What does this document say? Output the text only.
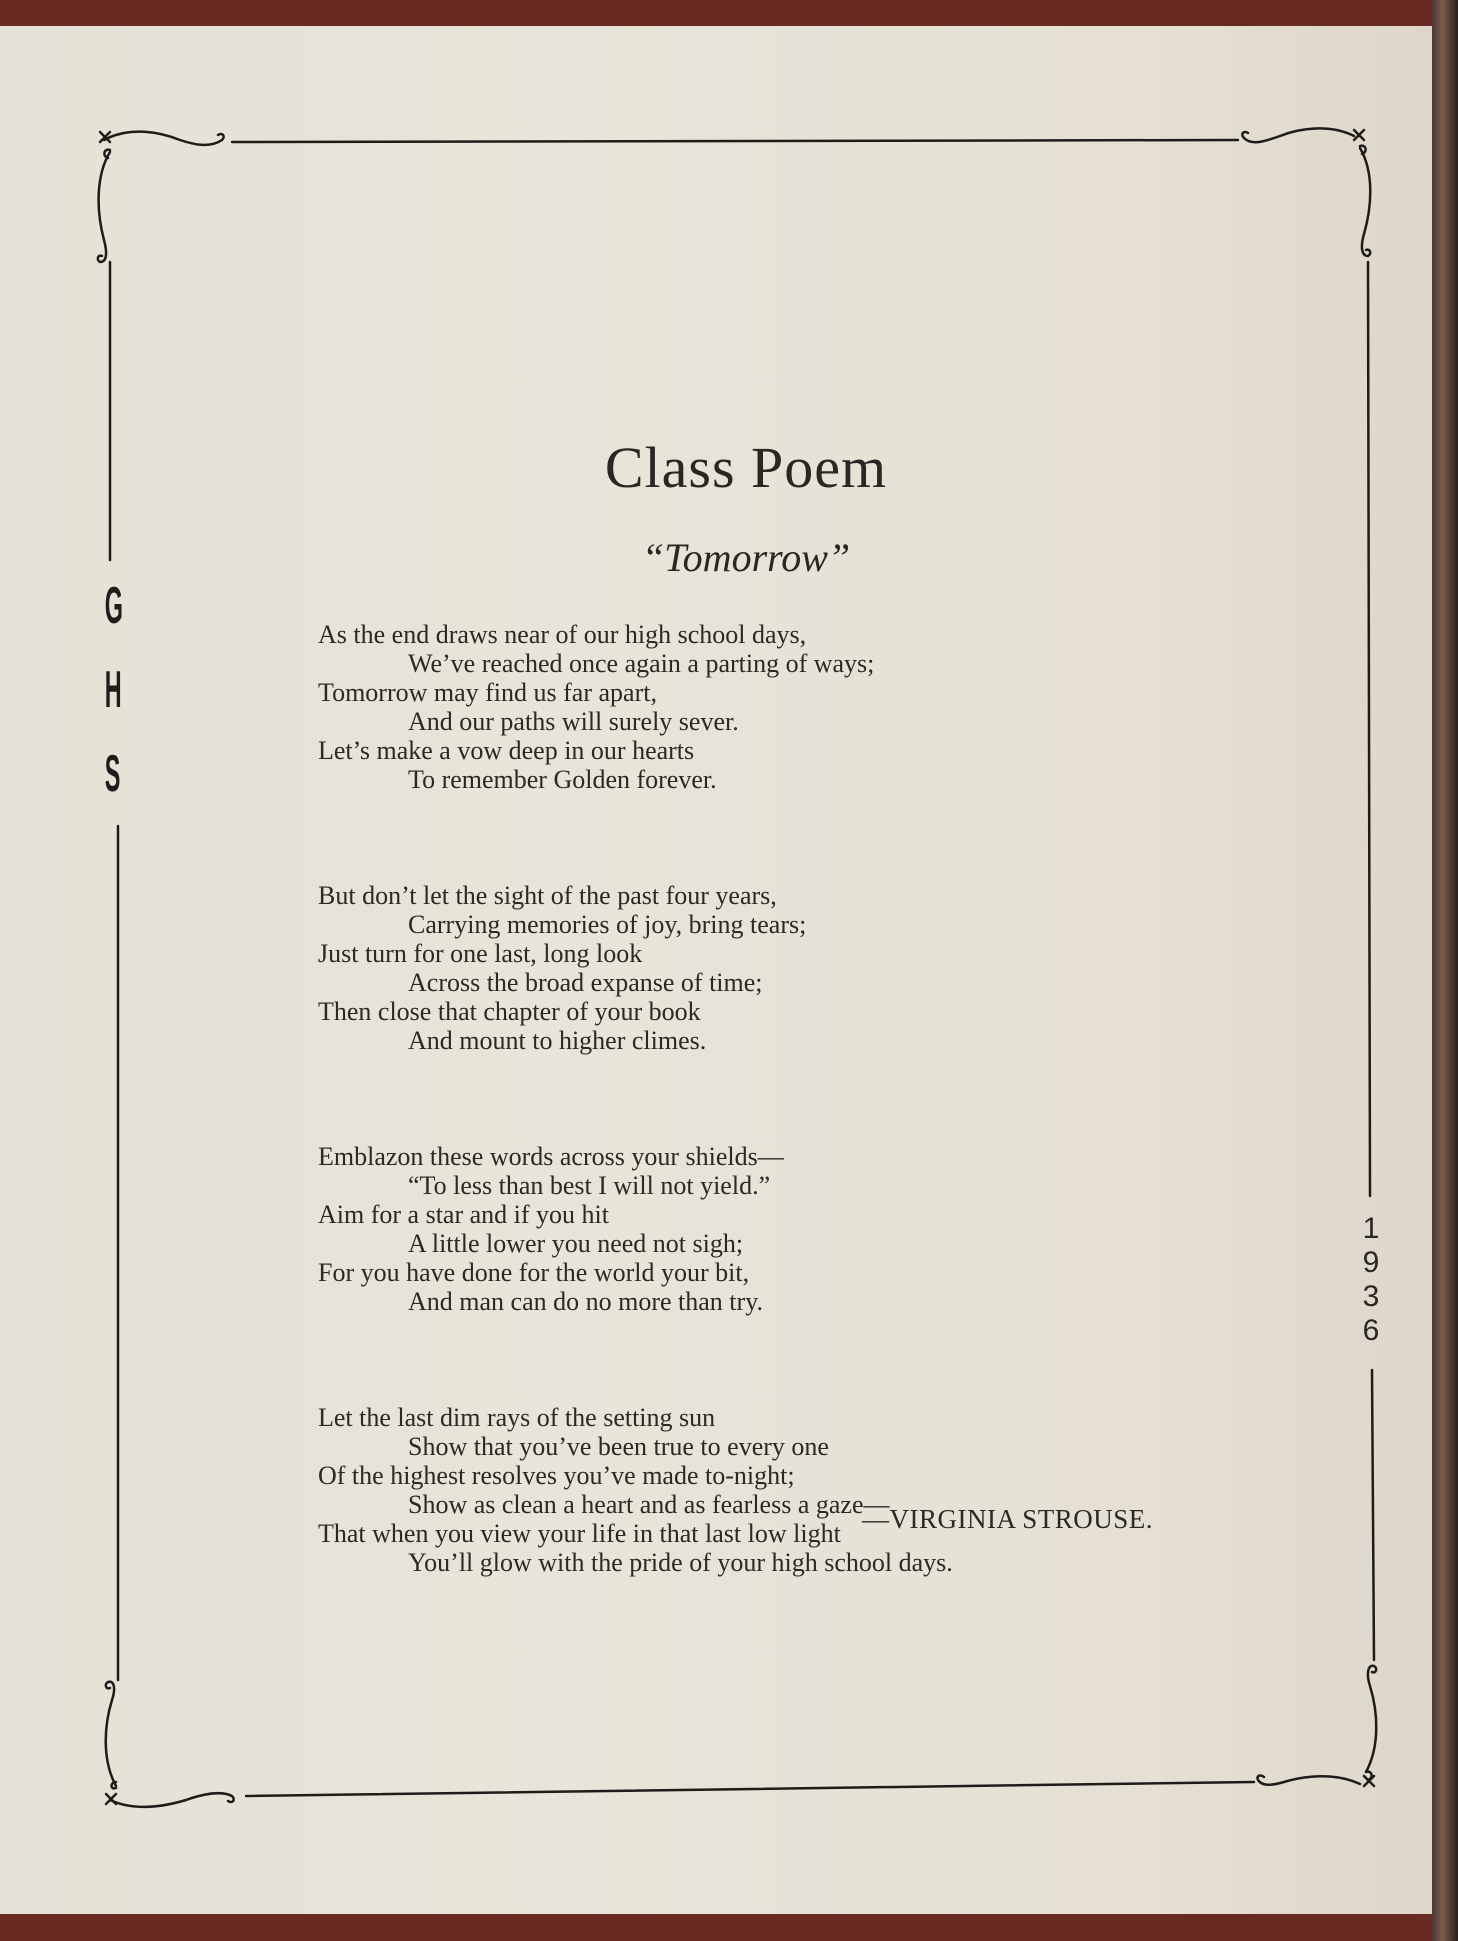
G
H
S
1
9
3
6
Class Poem
“Tomorrow”
As the end draws near of our high school days,
We’ve reached once again a parting of ways;
Tomorrow may find us far apart,
And our paths will surely sever.
Let’s make a vow deep in our hearts
To remember Golden forever.
But don’t let the sight of the past four years,
Carrying memories of joy, bring tears;
Just turn for one last, long look
Across the broad expanse of time;
Then close that chapter of your book
And mount to higher climes.
Emblazon these words across your shields—
“To less than best I will not yield.”
Aim for a star and if you hit
A little lower you need not sigh;
For you have done for the world your bit,
And man can do no more than try.
Let the last dim rays of the setting sun
Show that you’ve been true to every one
Of the highest resolves you’ve made to-night;
Show as clean a heart and as fearless a gaze—
That when you view your life in that last low light
You’ll glow with the pride of your high school days.
—VIRGINIA STROUSE.
